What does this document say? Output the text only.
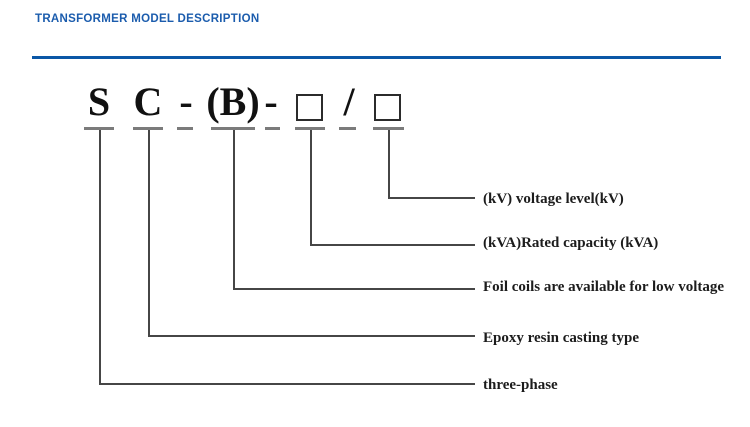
TRANSFORMER MODEL DESCRIPTION
S C - (B) - /
(kV) voltage level(kV)
(kVA)Rated capacity (kVA)
Foil coils are available for low voltage
Epoxy resin casting type
three-phase
